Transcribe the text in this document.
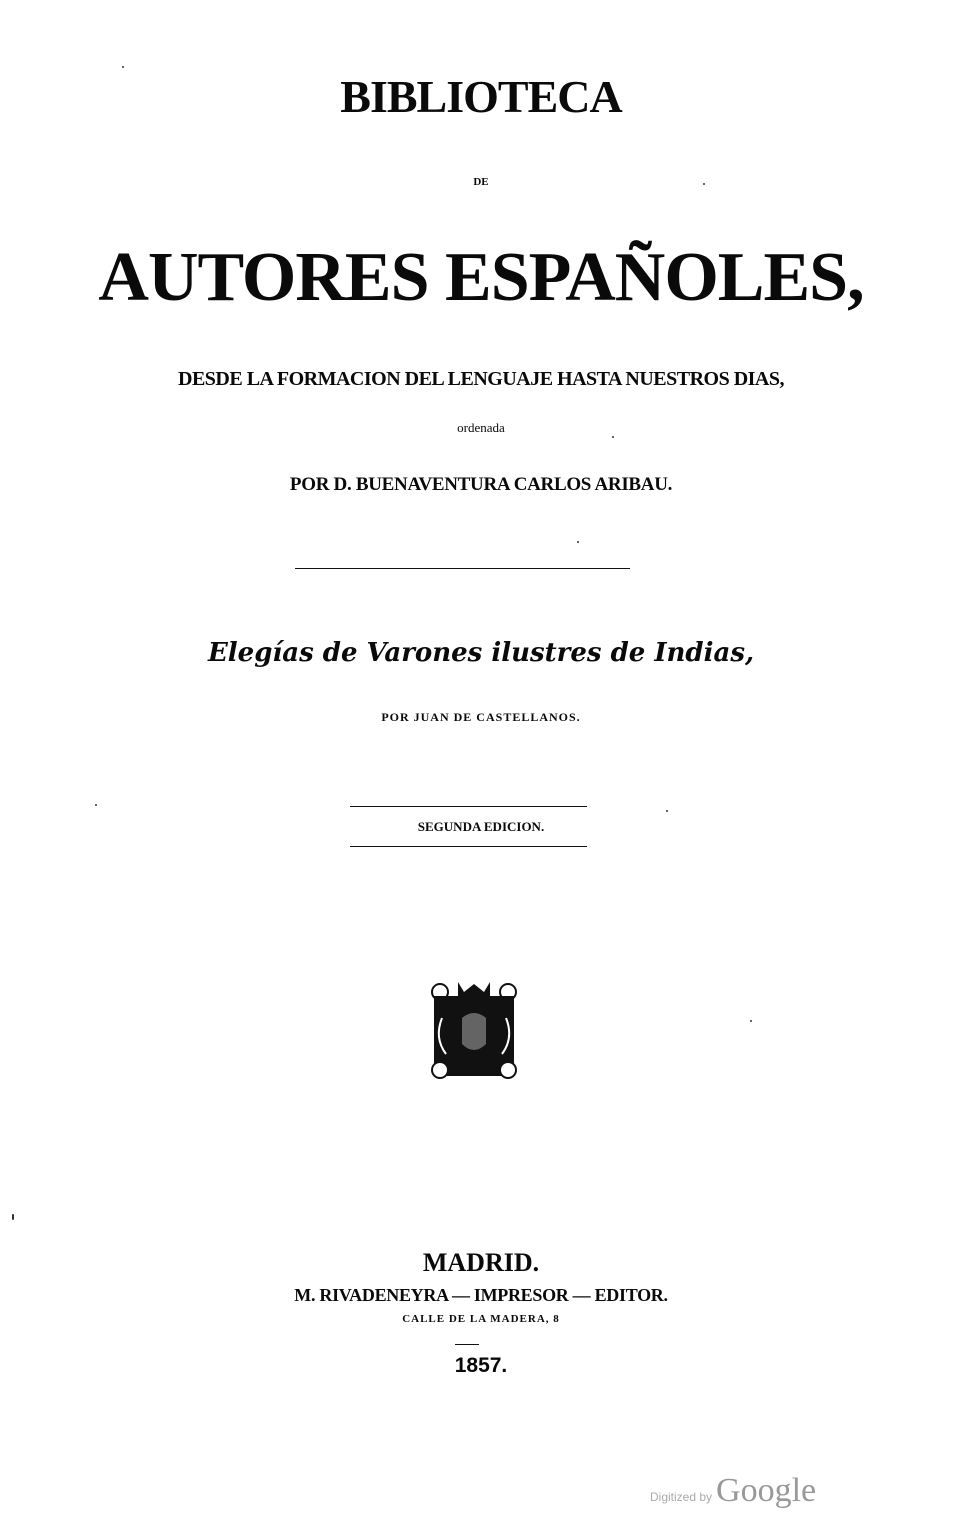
BIBLIOTECA
DE
AUTORES ESPAÑOLES,
DESDE LA FORMACION DEL LENGUAJE HASTA NUESTROS DIAS,
ordenada
POR D. BUENAVENTURA CARLOS ARIBAU.
Elegías de Varones ilustres de Indias,
POR JUAN DE CASTELLANOS.
SEGUNDA EDICION.
MADRID.
M. RIVADENEYRA — IMPRESOR — EDITOR.
CALLE DE LA MADERA, 8
1857.
Digitized by Google
